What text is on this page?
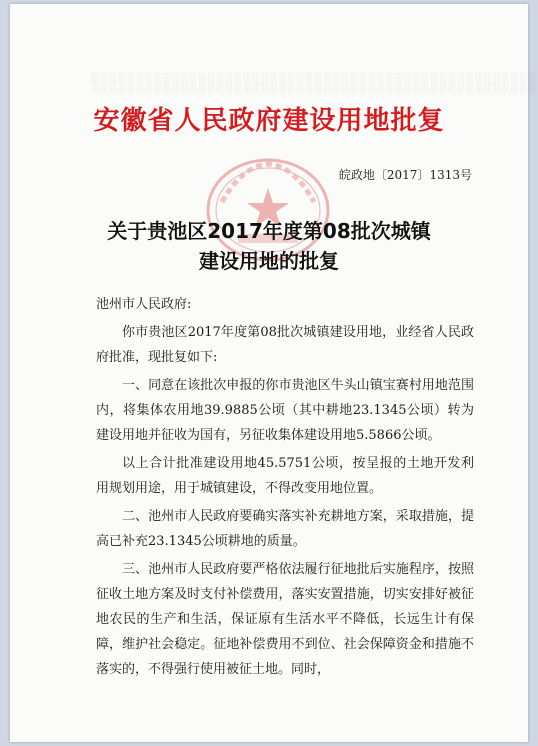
░░░░░░░░░░░░░░░░░░░░░░░░░░░░░░░░░░░░░░░░░░░░░░░░░░
░░░░░░░░░░░░░░░░░░░░░░░░░░░░░░░░░░░░░░░░░░░░░░░░░░
安徽省人民政府建设用地批复
皖政地〔2017〕1313号
关于贵池区2017年度第08批次城镇
建设用地的批复

池州市人民政府:

你市贵池区2017年度第08批次城镇建设用地，业经省人民政府批准，现批复如下:

一、同意在该批次申报的你市贵池区牛头山镇宝赛村用地范围内，将集体农用地39.9885公顷（其中耕地23.1345公顷）转为建设用地并征收为国有，另征收集体建设用地5.5866公顷。

以上合计批准建设用地45.5751公顷，按呈报的土地开发利用规划用途，用于城镇建设，不得改变用地位置。

二、池州市人民政府要确实落实补充耕地方案，采取措施，提高已补充23.1345公顷耕地的质量。

三、池州市人民政府要严格依法履行征地批后实施程序，按照征收土地方案及时支付补偿费用，落实安置措施，切实安排好被征地农民的生产和生活，保证原有生活水平不降低，长远生计有保障，维护社会稳定。征地补偿费用不到位、社会保障资金和措施不落实的，不得强行使用被征土地。同时，
